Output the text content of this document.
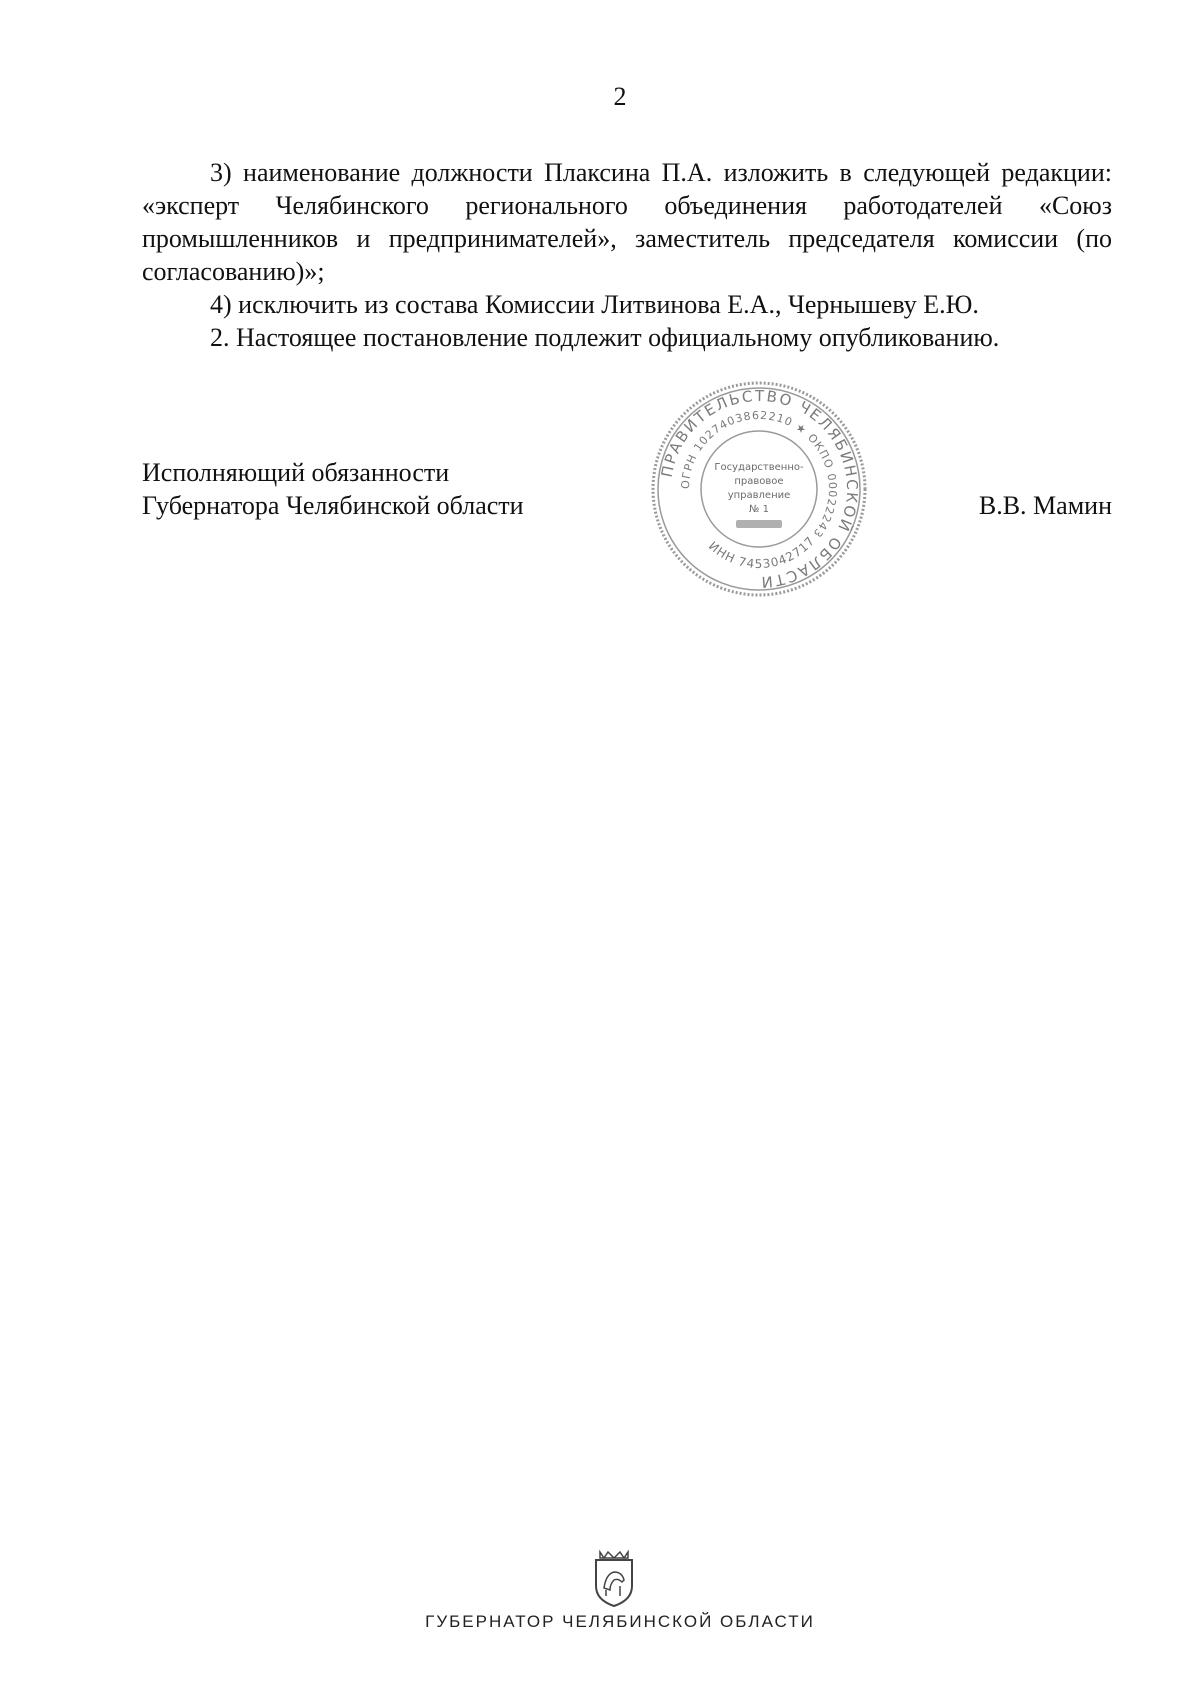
2

3) наименование должности Плаксина П.А. изложить в следующей редакции: «эксперт Челябинского регионального объединения работодателей «Союз промышленников и предпринимателей», заместитель председателя комиссии (по согласованию)»;

4) исключить из состава Комиссии Литвинова Е.А., Чернышеву Е.Ю.

2. Настоящее постановление подлежит официальному опубликованию.

Исполняющий обязанности
Губернатора Челябинской области	В.В. Мамин
ПРАВИТЕЛЬСТВО ЧЕЛЯБИНСКОЙ ОБЛАСТИ
ОГРН 1027403862210 ★ ОКПО 00022243
ИНН 7453042717
Государственно-
правовое
управление
№ 1
ГУБЕРНАТОР ЧЕЛЯБИНСКОЙ ОБЛАСТИ
